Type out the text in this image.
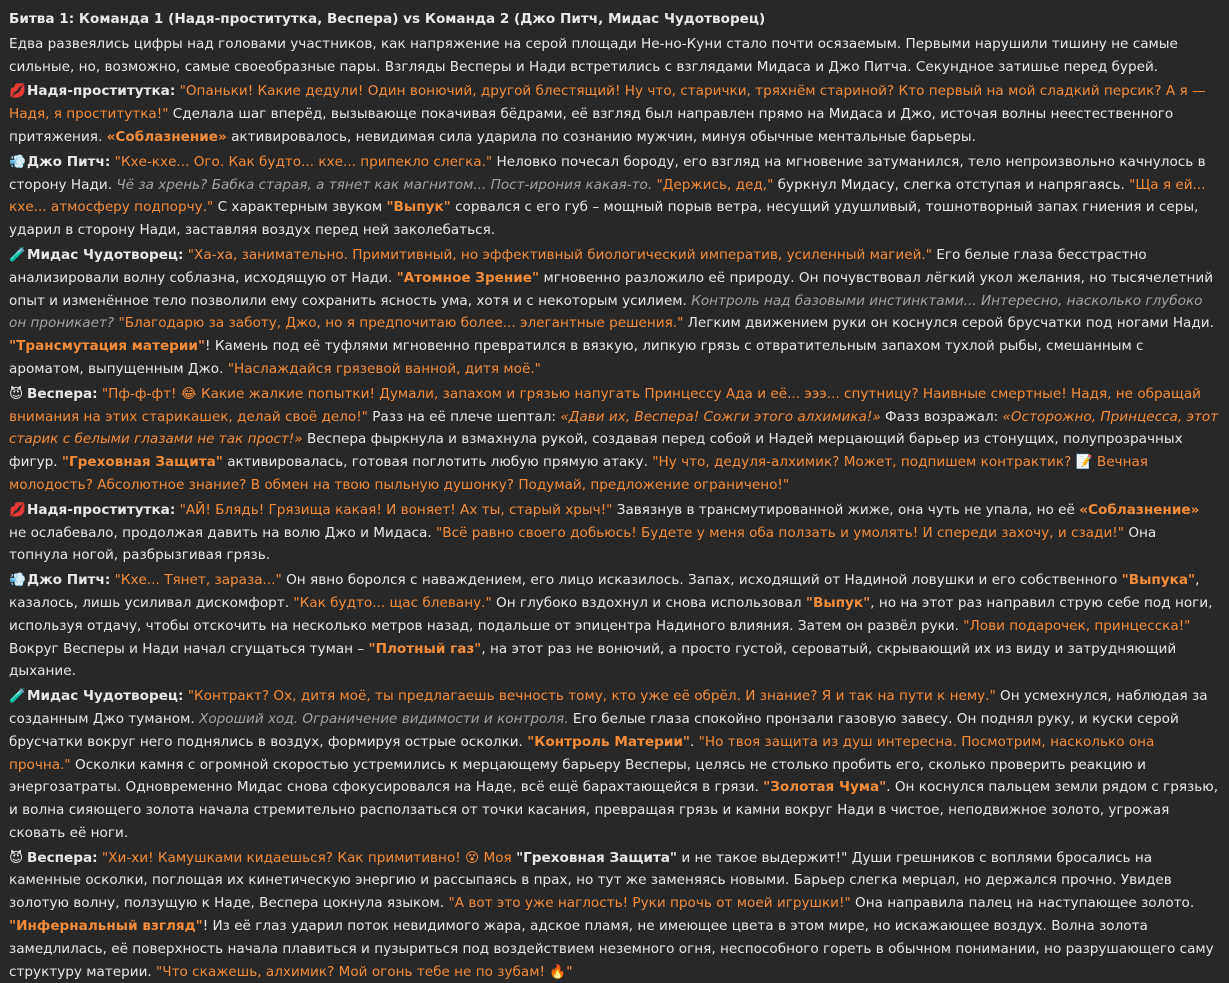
Битва 1: Команда 1 (Надя-проститутка, Веспера) vs Команда 2 (Джо Питч, Мидас Чудотворец)

Едва развеялись цифры над головами участников, как напряжение на серой площади Не-но-Куни стало почти осязаемым. Первыми нарушили тишину не самые сильные, но, возможно, самые своеобразные пары. Взгляды Весперы и Нади встретились с взглядами Мидаса и Джо Питча. Секундное затишье перед бурей.

💋Надя-проститутка: "Опаньки! Какие дедули! Один вонючий, другой блестящий! Ну что, старички, тряхнём стариной? Кто первый на мой сладкий персик? А я — Надя, я проститутка!" Сделала шаг вперёд, вызывающе покачивая бёдрами, её взгляд был направлен прямо на Мидаса и Джо, источая волны неестественного притяжения. «Соблазнение» активировалось, невидимая сила ударила по сознанию мужчин, минуя обычные ментальные барьеры.

💨Джо Питч: "Кхе-кхе... Ого. Как будто... кхе... припекло слегка." Неловко почесал бороду, его взгляд на мгновение затуманился, тело непроизвольно качнулось в сторону Нади. Чё за хрень? Бабка старая, а тянет как магнитом... Пост-ирония какая-то. "Держись, дед," буркнул Мидасу, слегка отступая и напрягаясь. "Ща я ей... кхе... атмосферу подпорчу." С характерным звуком "Выпук" сорвался с его губ – мощный порыв ветра, несущий удушливый, тошнотворный запах гниения и серы, ударил в сторону Нади, заставляя воздух перед ней заколебаться.

🧪Мидас Чудотворец: "Ха-ха, занимательно. Примитивный, но эффективный биологический императив, усиленный магией." Его белые глаза бесстрастно анализировали волну соблазна, исходящую от Нади. "Атомное Зрение" мгновенно разложило её природу. Он почувствовал лёгкий укол желания, но тысячелетний опыт и изменённое тело позволили ему сохранить ясность ума, хотя и с некоторым усилием. Контроль над базовыми инстинктами... Интересно, насколько глубоко он проникает? "Благодарю за заботу, Джо, но я предпочитаю более... элегантные решения." Легким движением руки он коснулся серой брусчатки под ногами Нади. "Трансмутация материи"! Камень под её туфлями мгновенно превратился в вязкую, липкую грязь с отвратительным запахом тухлой рыбы, смешанным с ароматом, выпущенным Джо. "Наслаждайся грязевой ванной, дитя моё."

😈 Веспера: "Пф-ф-фт! 😂 Какие жалкие попытки! Думали, запахом и грязью напугать Принцессу Ада и её... эээ... спутницу? Наивные смертные! Надя, не обращай внимания на этих старикашек, делай своё дело!" Разз на её плече шептал: «Дави их, Веспера! Сожги этого алхимика!» Фазз возражал: «Осторожно, Принцесса, этот старик с белыми глазами не так прост!» Веспера фыркнула и взмахнула рукой, создавая перед собой и Надей мерцающий барьер из стонущих, полупрозрачных фигур. "Греховная Защита" активировалась, готовая поглотить любую прямую атаку. "Ну что, дедуля-алхимик? Может, подпишем контрактик? 📝 Вечная молодость? Абсолютное знание? В обмен на твою пыльную душонку? Подумай, предложение ограничено!"

💋Надя-проститутка: "АЙ! Блядь! Грязища какая! И воняет! Ах ты, старый хрыч!" Завязнув в трансмутированной жиже, она чуть не упала, но её «Соблазнение» не ослабевало, продолжая давить на волю Джо и Мидаса. "Всё равно своего добьюсь! Будете у меня оба ползать и умолять! И спереди захочу, и сзади!" Она топнула ногой, разбрызгивая грязь.

💨Джо Питч: "Кхе... Тянет, зараза..." Он явно боролся с наваждением, его лицо исказилось. Запах, исходящий от Надиной ловушки и его собственного "Выпука", казалось, лишь усиливал дискомфорт. "Как будто... щас блевану." Он глубоко вздохнул и снова использовал "Выпук", но на этот раз направил струю себе под ноги, используя отдачу, чтобы отскочить на несколько метров назад, подальше от эпицентра Надиного влияния. Затем он развёл руки. "Лови подарочек, принцесска!" Вокруг Весперы и Нади начал сгущаться туман – "Плотный газ", на этот раз не вонючий, а просто густой, сероватый, скрывающий их из виду и затрудняющий дыхание.

🧪Мидас Чудотворец: "Контракт? Ох, дитя моё, ты предлагаешь вечность тому, кто уже её обрёл. И знание? Я и так на пути к нему." Он усмехнулся, наблюдая за созданным Джо туманом. Хороший ход. Ограничение видимости и контроля. Его белые глаза спокойно пронзали газовую завесу. Он поднял руку, и куски серой брусчатки вокруг него поднялись в воздух, формируя острые осколки. "Контроль Материи". "Но твоя защита из душ интересна. Посмотрим, насколько она прочна." Осколки камня с огромной скоростью устремились к мерцающему барьеру Весперы, целясь не столько пробить его, сколько проверить реакцию и энергозатраты. Одновременно Мидас снова сфокусировался на Наде, всё ещё барахтающейся в грязи. "Золотая Чума". Он коснулся пальцем земли рядом с грязью, и волна сияющего золота начала стремительно расползаться от точки касания, превращая грязь и камни вокруг Нади в чистое, неподвижное золото, угрожая сковать её ноги.

😈 Веспера: "Хи-хи! Камушками кидаешься? Как примитивно! 😵 Моя "Греховная Защита" и не такое выдержит!" Души грешников с воплями бросались на каменные осколки, поглощая их кинетическую энергию и рассыпаясь в прах, но тут же заменяясь новыми. Барьер слегка мерцал, но держался прочно. Увидев золотую волну, ползущую к Наде, Веспера цокнула языком. "А вот это уже наглость! Руки прочь от моей игрушки!" Она направила палец на наступающее золото. "Инфернальный взгляд"! Из её глаз ударил поток невидимого жара, адское пламя, не имеющее цвета в этом мире, но искажающее воздух. Волна золота замедлилась, её поверхность начала плавиться и пузыриться под воздействием неземного огня, неспособного гореть в обычном понимании, но разрушающего саму структуру материи. "Что скажешь, алхимик? Мой огонь тебе не по зубам! 🔥"
